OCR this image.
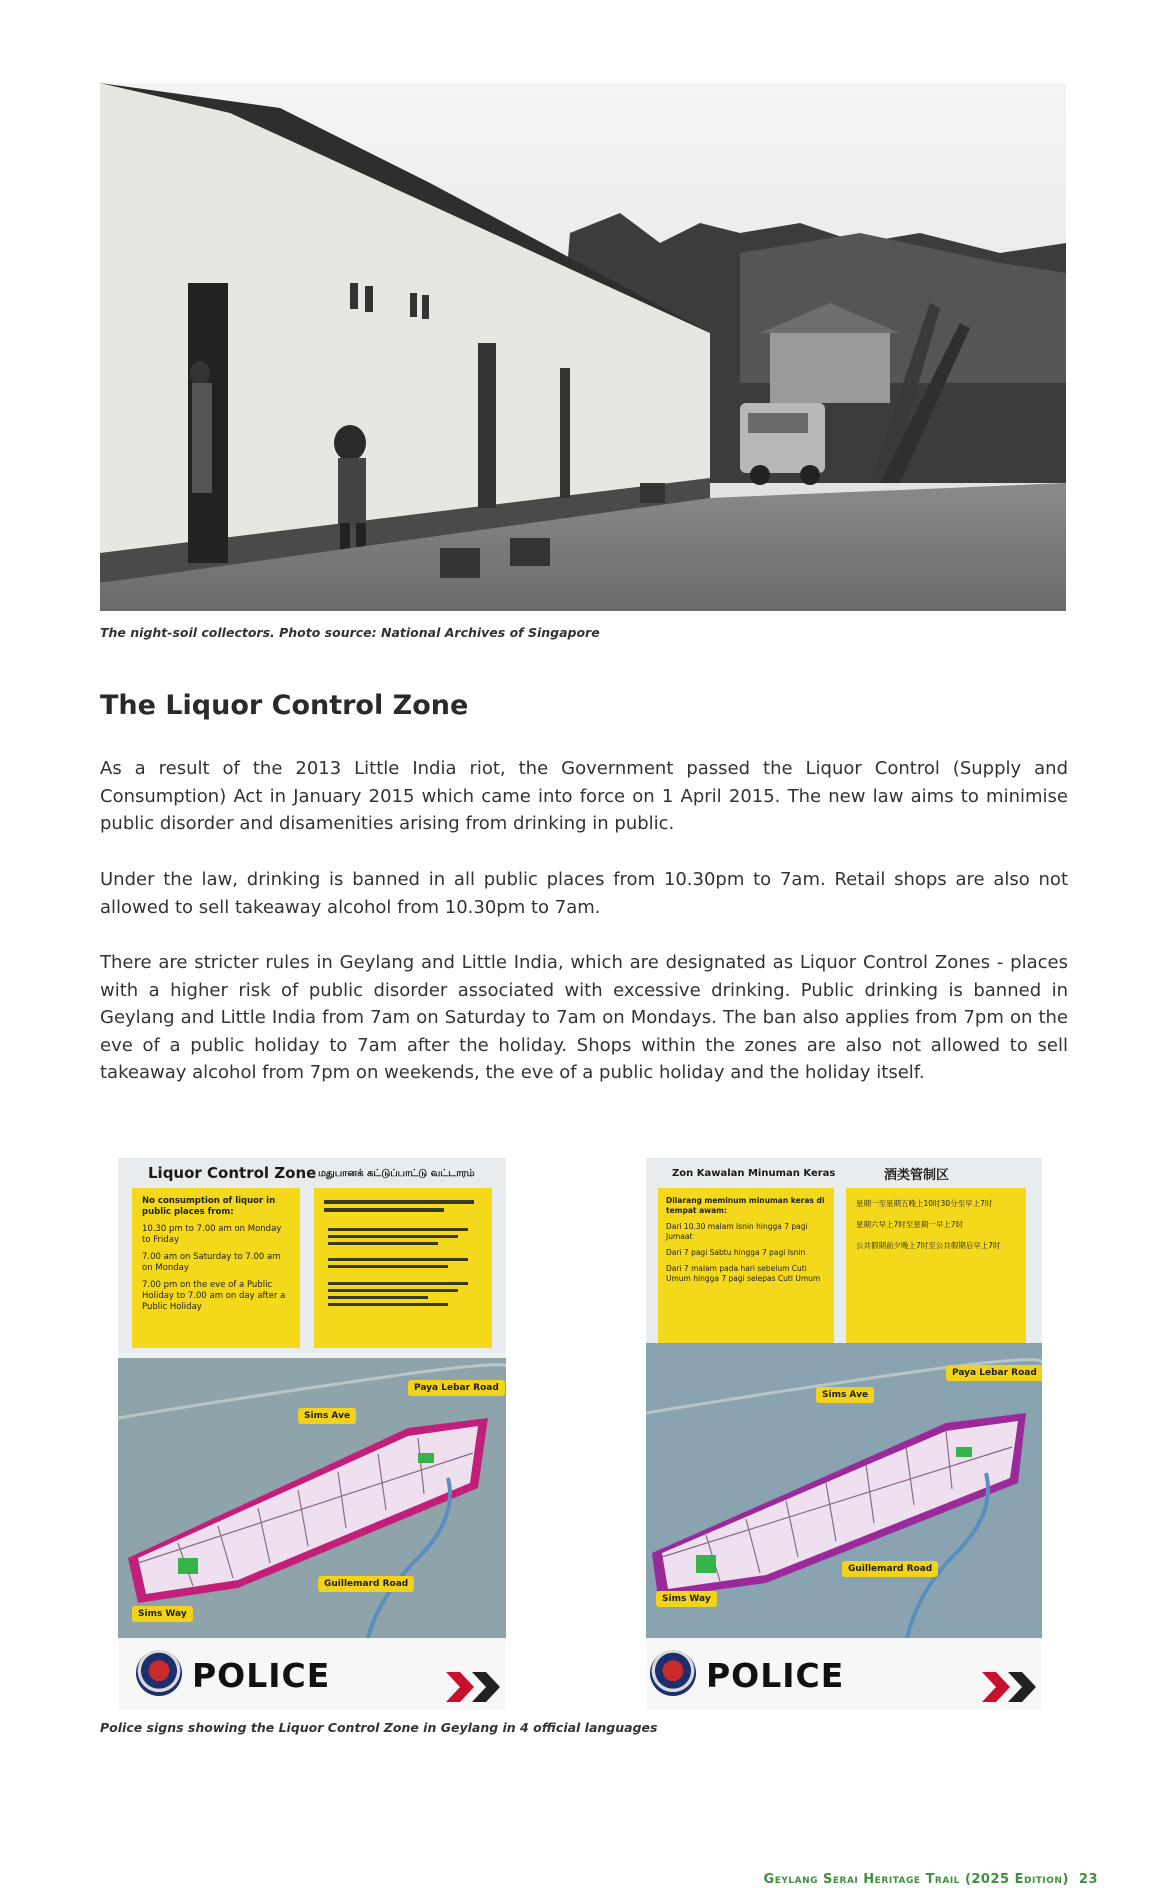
The night-soil collectors. Photo source: National Archives of Singapore
The Liquor Control Zone

As a result of the 2013 Little India riot, the Government passed the Liquor Control (Supply and Consumption) Act in January 2015 which came into force on 1 April 2015. The new law aims to minimise public disorder and disamenities arising from drinking in public.

Under the law, drinking is banned in all public places from 10.30pm to 7am. Retail shops are also not allowed to sell takeaway alcohol from 10.30pm to 7am.

There are stricter rules in Geylang and Little India, which are designated as Liquor Control Zones - places with a higher risk of public disorder associated with excessive drinking. Public drinking is banned in Geylang and Little India from 7am on Saturday to 7am on Mondays. The ban also applies from 7pm on the eve of a public holiday to 7am after the holiday. Shops within the zones are also not allowed to sell takeaway alcohol from 7pm on weekends, the eve of a public holiday and the holiday itself.

Liquor Control Zone மதுபானக் கட்டுப்பாட்டு வட்டாரம்
No consumption of liquor in public places from:
10.30 pm to 7.00 am on Monday to Friday
7.00 am on Saturday to 7.00 am on Monday
7.00 pm on the eve of a Public Holiday to 7.00 am on day after a Public Holiday
Paya Lebar Road
Sims Ave
Guillemard Road
Sims Way
POLICE
Zon Kawalan Minuman Keras	酒类管制区
Dilarang meminum minuman keras di tempat awam:
Dari 10.30 malam Isnin hingga 7 pagi Jumaat
Dari 7 pagi Sabtu hingga 7 pagi Isnin
Dari 7 malam pada hari sebelum Cuti Umum hingga 7 pagi selepas Cuti Umum
星期一至星期五晚上10时30分至早上7时
星期六早上7时至星期一早上7时
公共假期前夕晚上7时至公共假期后早上7时
Paya Lebar Road
Sims Ave
Guillemard Road
Sims Way
POLICE
Police signs showing the Liquor Control Zone in Geylang in 4 official languages
Geylang Serai Heritage Trail (2025 Edition) 23
